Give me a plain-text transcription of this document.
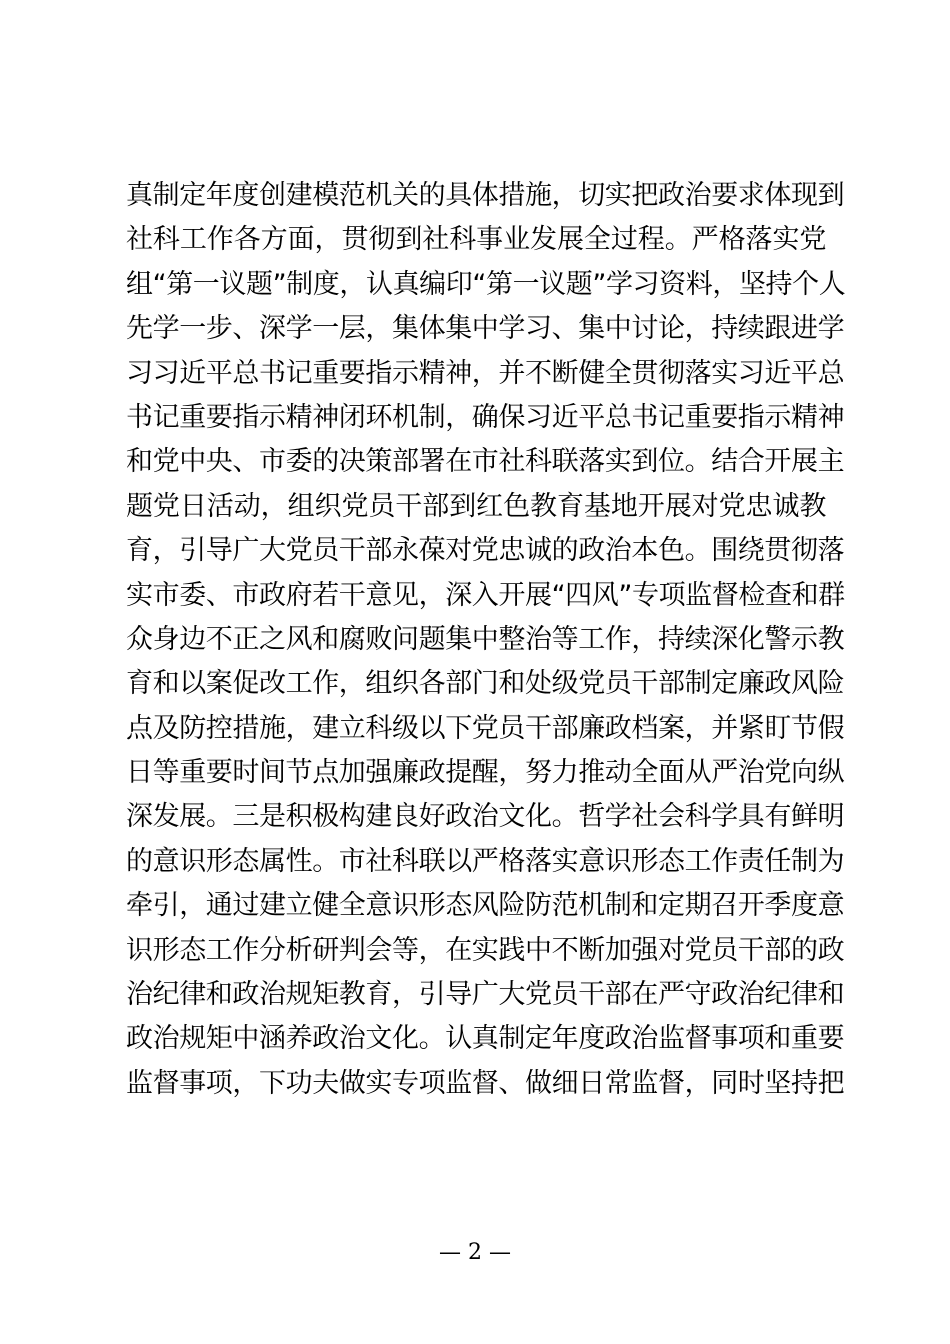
真制定年度创建模范机关的具体措施，切实把政治要求体现到
社科工作各方面，贯彻到社科事业发展全过程。严格落实党
组“第一议题”制度，认真编印“第一议题”学习资料，坚持个人
先学一步、深学一层，集体集中学习、集中讨论，持续跟进学
习习近平总书记重要指示精神，并不断健全贯彻落实习近平总
书记重要指示精神闭环机制，确保习近平总书记重要指示精神
和党中央、市委的决策部署在市社科联落实到位。结合开展主
题党日活动，组织党员干部到红色教育基地开展对党忠诚教
育，引导广大党员干部永葆对党忠诚的政治本色。围绕贯彻落
实市委、市政府若干意见，深入开展“四风”专项监督检查和群
众身边不正之风和腐败问题集中整治等工作，持续深化警示教
育和以案促改工作，组织各部门和处级党员干部制定廉政风险
点及防控措施，建立科级以下党员干部廉政档案，并紧盯节假
日等重要时间节点加强廉政提醒，努力推动全面从严治党向纵
深发展。三是积极构建良好政治文化。哲学社会科学具有鲜明
的意识形态属性。市社科联以严格落实意识形态工作责任制为
牵引，通过建立健全意识形态风险防范机制和定期召开季度意
识形态工作分析研判会等，在实践中不断加强对党员干部的政
治纪律和政治规矩教育，引导广大党员干部在严守政治纪律和
政治规矩中涵养政治文化。认真制定年度政治监督事项和重要
监督事项，下功夫做实专项监督、做细日常监督，同时坚持把
— 2 —
